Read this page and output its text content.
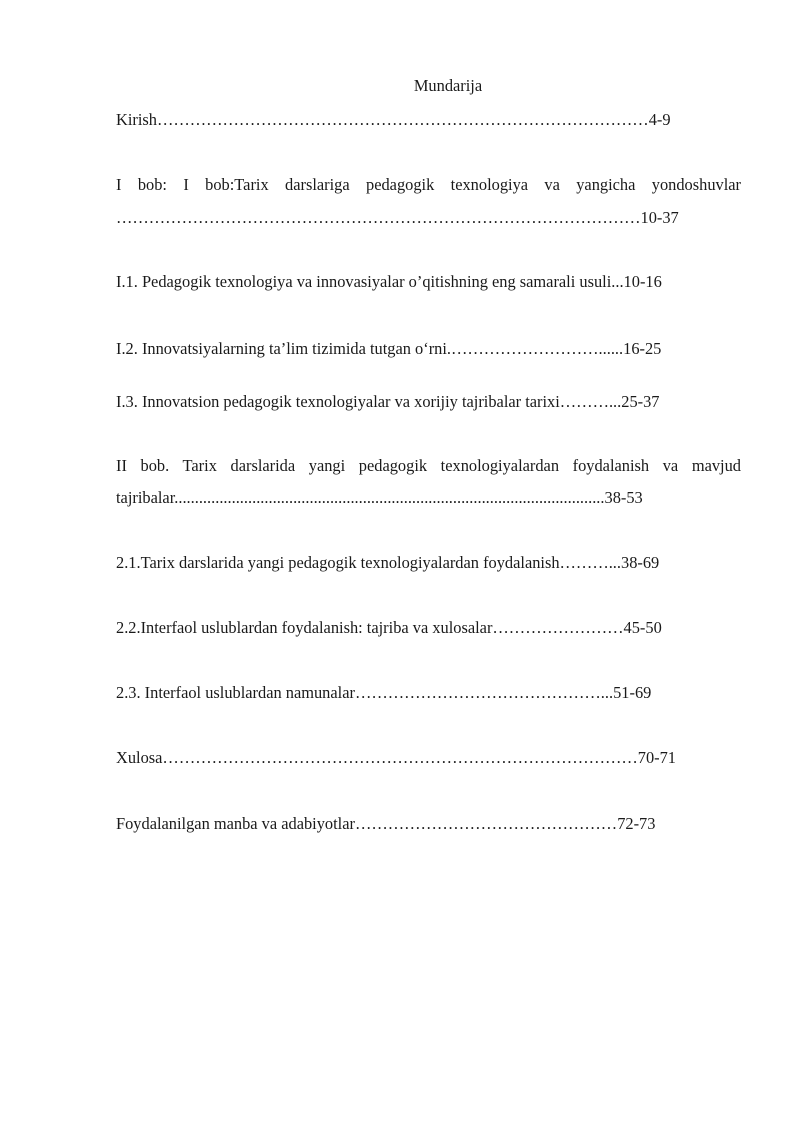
Mundarija
Kirish………………………………………………………………………………4-9
I bob: I bob:Tarix darslariga pedagogik texnologiya va yangicha yondoshuvlar
……………………………………………………………………………………10-37
I.1. Pedagogik texnologiya va innovasiyalar o’qitishning eng samarali usuli...10-16
I.2. Innovatsiyalarning ta’lim tizimida tutgan o‘rni.………………………......16-25
I.3. Innovatsion pedagogik texnologiyalar va xorijiy tajribalar tarixi………...25-37
II bob. Tarix darslarida yangi pedagogik texnologiyalardan foydalanish va mavjud
tajribalar.........................................................................................................38-53
2.1.Tarix darslarida yangi pedagogik texnologiyalardan foydalanish………...38-69
2.2.Interfaol uslublardan foydalanish: tajriba va xulosalar……………………45-50
2.3. Interfaol uslublardan namunalar………………………………………...51-69
Xulosa……………………………………………………………………………70-71
Foydalanilgan manba va adabiyotlar…………………………………………72-73
